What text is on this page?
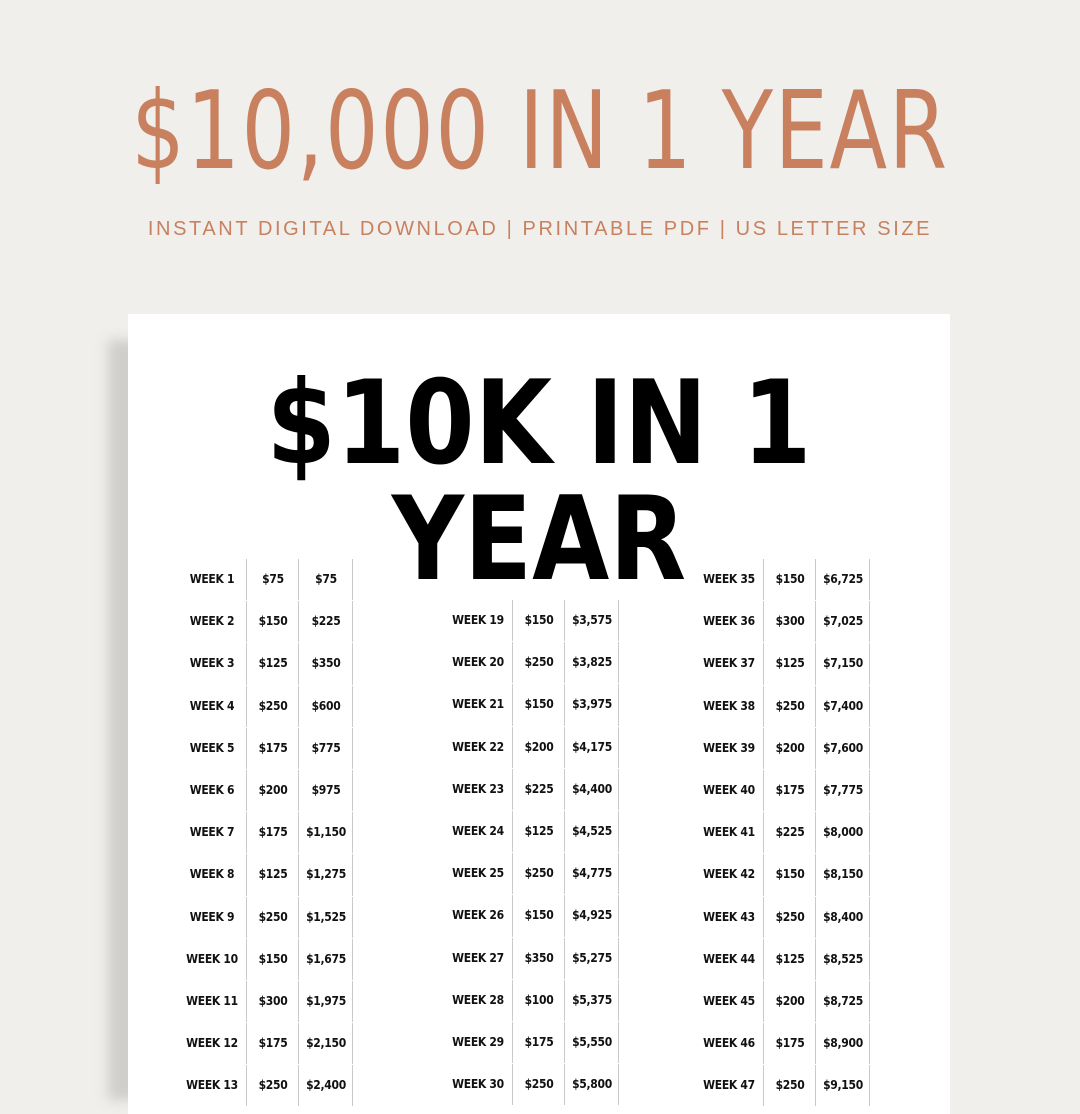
$10,000 IN 1 YEAR
INSTANT DIGITAL DOWNLOAD | PRINTABLE PDF | US LETTER SIZE
$10K IN 1 YEAR
WEEK 1	$75	$75
WEEK 2	$150	$225
WEEK 3	$125	$350
WEEK 4	$250	$600
WEEK 5	$175	$775
WEEK 6	$200	$975
WEEK 7	$175	$1,150
WEEK 8	$125	$1,275
WEEK 9	$250	$1,525
WEEK 10	$150	$1,675
WEEK 11	$300	$1,975
WEEK 12	$175	$2,150
WEEK 13	$250	$2,400
WEEK 19	$150	$3,575
WEEK 20	$250	$3,825
WEEK 21	$150	$3,975
WEEK 22	$200	$4,175
WEEK 23	$225	$4,400
WEEK 24	$125	$4,525
WEEK 25	$250	$4,775
WEEK 26	$150	$4,925
WEEK 27	$350	$5,275
WEEK 28	$100	$5,375
WEEK 29	$175	$5,550
WEEK 30	$250	$5,800
WEEK 35	$150	$6,725
WEEK 36	$300	$7,025
WEEK 37	$125	$7,150
WEEK 38	$250	$7,400
WEEK 39	$200	$7,600
WEEK 40	$175	$7,775
WEEK 41	$225	$8,000
WEEK 42	$150	$8,150
WEEK 43	$250	$8,400
WEEK 44	$125	$8,525
WEEK 45	$200	$8,725
WEEK 46	$175	$8,900
WEEK 47	$250	$9,150
